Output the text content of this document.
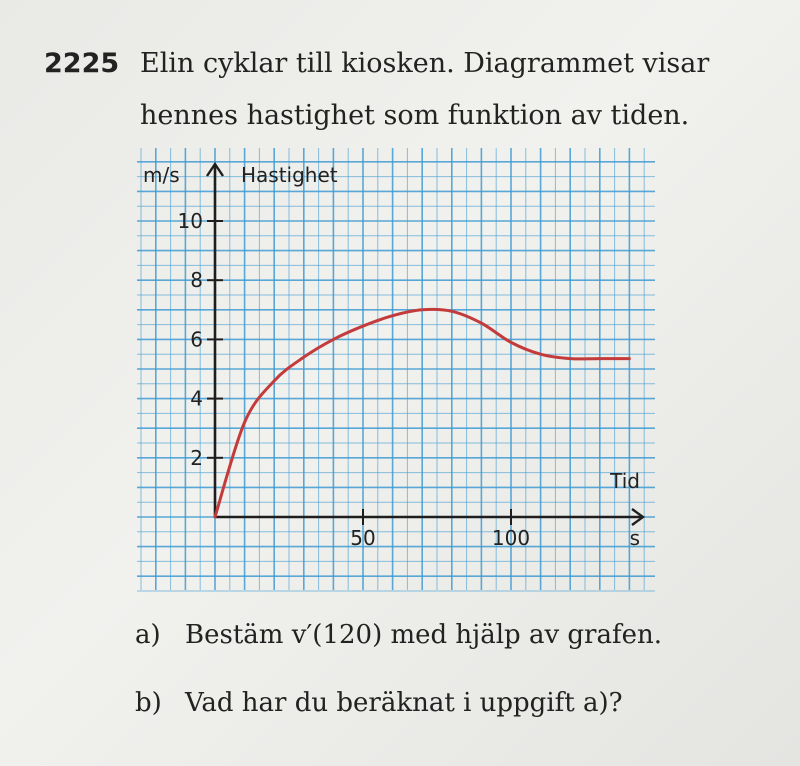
2225 Elin cyklar till kiosken. Diagrammet visar
hennes hastighet som funktion av tiden.
m/s	Hastighet
Tid
s
2
4
6
8
10
50	100
a) Bestäm v′(120) med hjälp av grafen.
b) Vad har du beräknat i uppgift a)?
